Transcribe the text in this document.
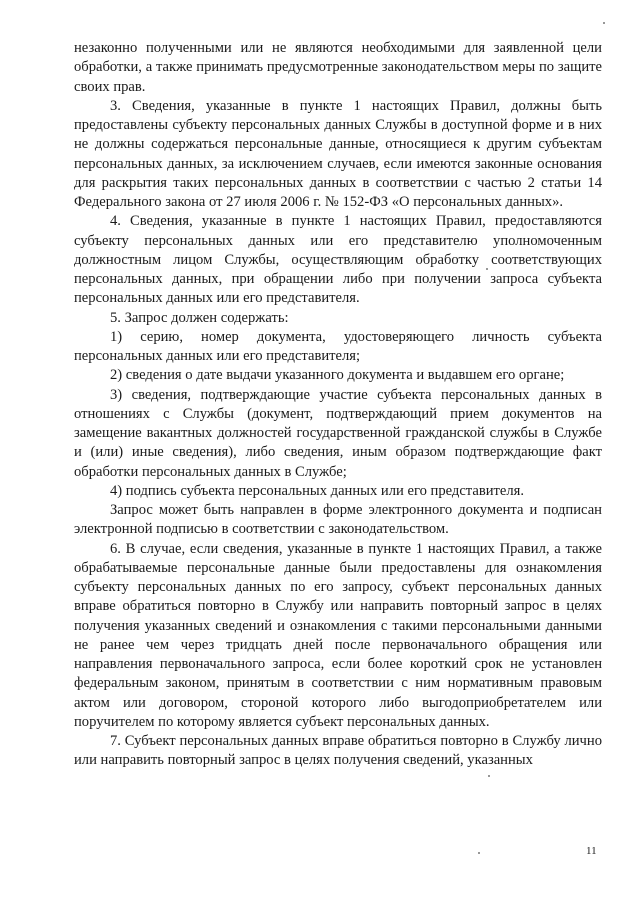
незаконно полученными или не являются необходимыми для заявленной цели обработки, а также принимать предусмотренные законодательством меры по защите своих прав.

3. Сведения, указанные в пункте 1 настоящих Правил, должны быть предоставлены субъекту персональных данных Службы в доступной форме и в них не должны содержаться персональные данные, относящиеся к другим субъектам персональных данных, за исключением случаев, если имеются законные основания для раскрытия таких персональных данных в соответствии с частью 2 статьи 14 Федерального закона от 27 июля 2006 г. № 152-ФЗ «О персональных данных».

4. Сведения, указанные в пункте 1 настоящих Правил, предоставляются субъекту персональных данных или его представителю уполномоченным должностным лицом Службы, осуществляющим обработку соответствующих персональных данных, при обращении либо при получении запроса субъекта персональных данных или его представителя.

5. Запрос должен содержать:

1) серию, номер документа, удостоверяющего личность субъекта персональных данных или его представителя;

2) сведения о дате выдачи указанного документа и выдавшем его органе;

3) сведения, подтверждающие участие субъекта персональных данных в отношениях с Службы (документ, подтверждающий прием документов на замещение вакантных должностей государственной гражданской службы в Службе и (или) иные сведения), либо сведения, иным образом подтверждающие факт обработки персональных данных в Службе;

4) подпись субъекта персональных данных или его представителя.

Запрос может быть направлен в форме электронного документа и подписан электронной подписью в соответствии с законодательством.

6. В случае, если сведения, указанные в пункте 1 настоящих Правил, а также обрабатываемые персональные данные были предоставлены для ознакомления субъекту персональных данных по его запросу, субъект персональных данных вправе обратиться повторно в Службу или направить повторный запрос в целях получения указанных сведений и ознакомления с такими персональными данными не ранее чем через тридцать дней после первоначального обращения или направления первоначального запроса, если более короткий срок не установлен федеральным законом, принятым в соответствии с ним нормативным правовым актом или договором, стороной которого либо выгодоприобретателем или поручителем по которому является субъект персональных данных.

7. Субъект персональных данных вправе обратиться повторно в Службу лично или направить повторный запрос в целях получения сведений, указанных

11
